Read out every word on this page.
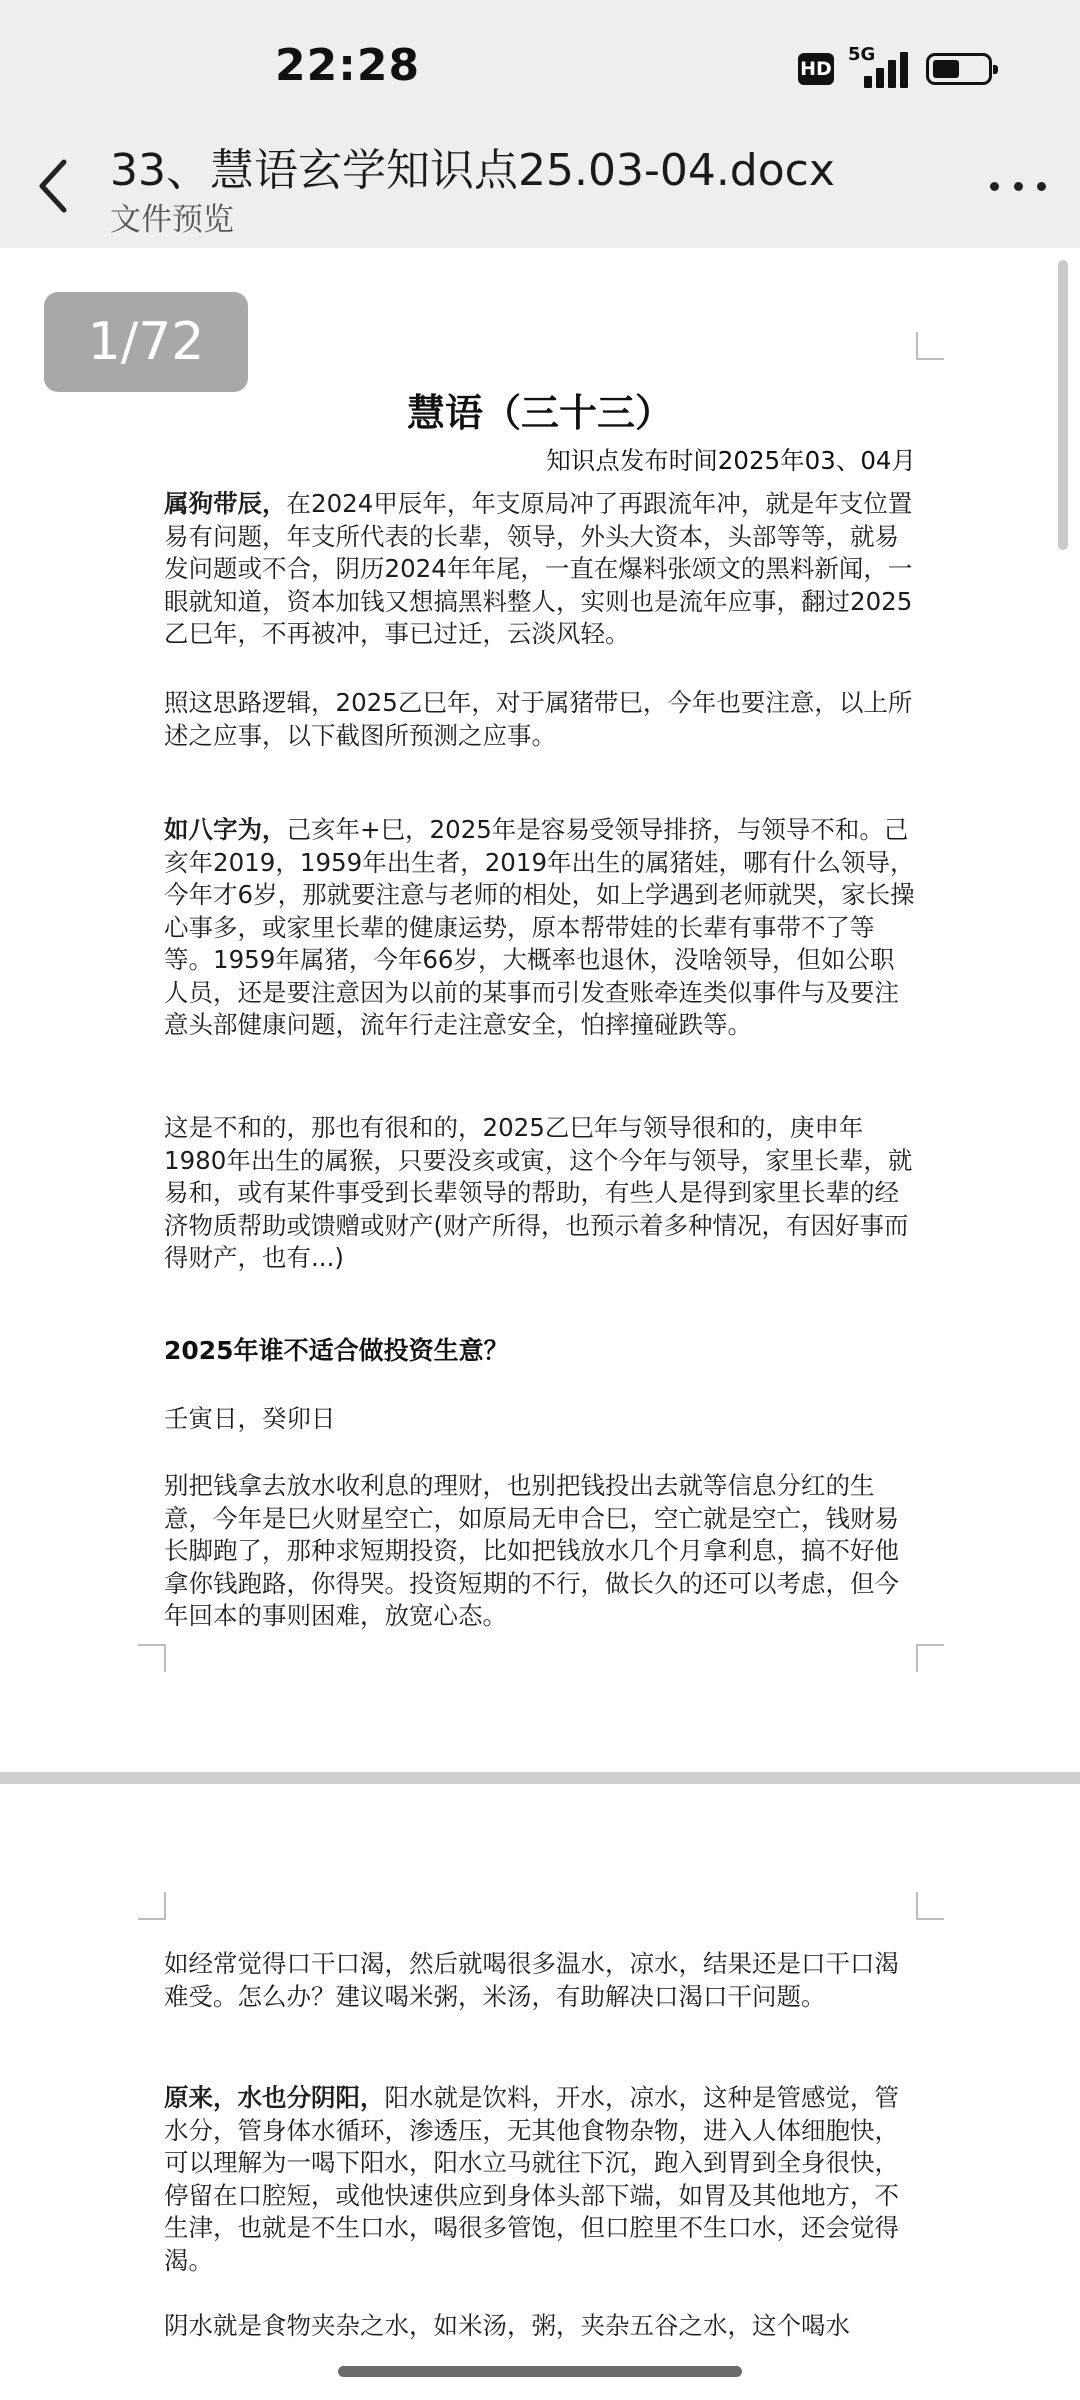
22:28	HD
5G
33、慧语玄学知识点25.03-04.docx
文件预览
1/72
慧语（三十三）
知识点发布时间2025年03、04月

属狗带辰，在2024甲辰年，年支原局冲了再跟流年冲，就是年支位置易有问题，年支所代表的长辈，领导，外头大资本，头部等等，就易发问题或不合，阴历2024年年尾，一直在爆料张颂文的黑料新闻，一眼就知道，资本加钱又想搞黑料整人，实则也是流年应事，翻过2025乙巳年，不再被冲，事已过迁，云淡风轻。

照这思路逻辑，2025乙巳年，对于属猪带巳，今年也要注意，以上所述之应事，以下截图所预测之应事。

如八字为，己亥年+巳，2025年是容易受领导排挤，与领导不和。己亥年2019，1959年出生者，2019年出生的属猪娃，哪有什么领导，今年才6岁，那就要注意与老师的相处，如上学遇到老师就哭，家长操心事多，或家里长辈的健康运势，原本帮带娃的长辈有事带不了等等。1959年属猪，今年66岁，大概率也退休，没啥领导，但如公职人员，还是要注意因为以前的某事而引发查账牵连类似事件与及要注意头部健康问题，流年行走注意安全，怕摔撞碰跌等。

这是不和的，那也有很和的，2025乙巳年与领导很和的，庚申年1980年出生的属猴，只要没亥或寅，这个今年与领导，家里长辈，就易和，或有某件事受到长辈领导的帮助，有些人是得到家里长辈的经济物质帮助或馈赠或财产(财产所得，也预示着多种情况，有因好事而得财产，也有...)

2025年谁不适合做投资生意？
壬寅日，癸卯日

别把钱拿去放水收利息的理财，也别把钱投出去就等信息分红的生意，今年是巳火财星空亡，如原局无申合巳，空亡就是空亡，钱财易长脚跑了，那种求短期投资，比如把钱放水几个月拿利息，搞不好他拿你钱跑路，你得哭。投资短期的不行，做长久的还可以考虑，但今年回本的事则困难，放宽心态。

如经常觉得口干口渴，然后就喝很多温水，凉水，结果还是口干口渴难受。怎么办？建议喝米粥，米汤，有助解决口渴口干问题。

原来，水也分阴阳，阳水就是饮料，开水，凉水，这种是管感觉，管水分，管身体水循环，渗透压，无其他食物杂物，进入人体细胞快，可以理解为一喝下阳水，阳水立马就往下沉，跑入到胃到全身很快，停留在口腔短，或他快速供应到身体头部下端，如胃及其他地方，不生津，也就是不生口水，喝很多管饱，但口腔里不生口水，还会觉得渴。

阴水就是食物夹杂之水，如米汤，粥，夹杂五谷之水，这个喝水
